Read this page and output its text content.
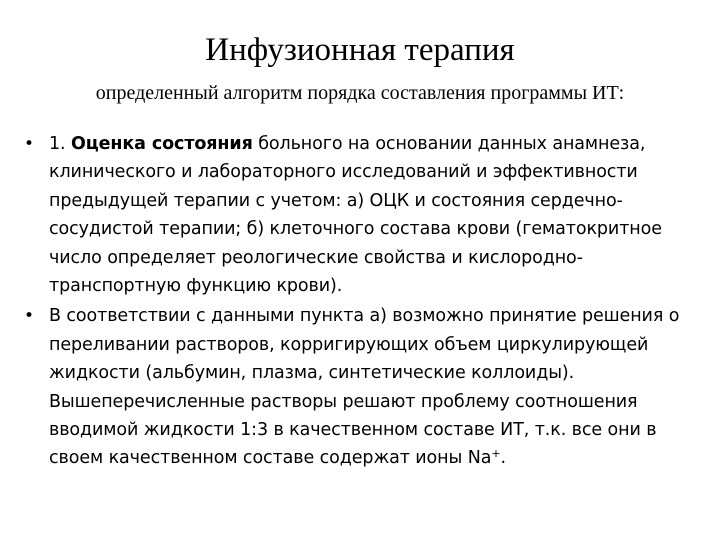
Инфузионная терапия
определенный алгоритм порядка составления программы ИТ:
• 1. Оценка состояния больного на основании данных анамнеза, клинического и лабораторного исследований и эффективности предыдущей терапии с учетом: а) ОЦК и состояния сердечно-сосудистой терапии; б) клеточного состава крови (гематокритное число определяет реологические свойства и кислородно-транспортную функцию крови).
• В соответствии с данными пункта а) возможно принятие решения о переливании растворов, корригирующих объем циркулирующей жидкости (альбумин, плазма, синтетические коллоиды). Вышеперечисленные растворы решают проблему соотношения вводимой жидкости 1:3 в качественном составе ИТ, т.к. все они в своем качественном составе содержат ионы Na+.
